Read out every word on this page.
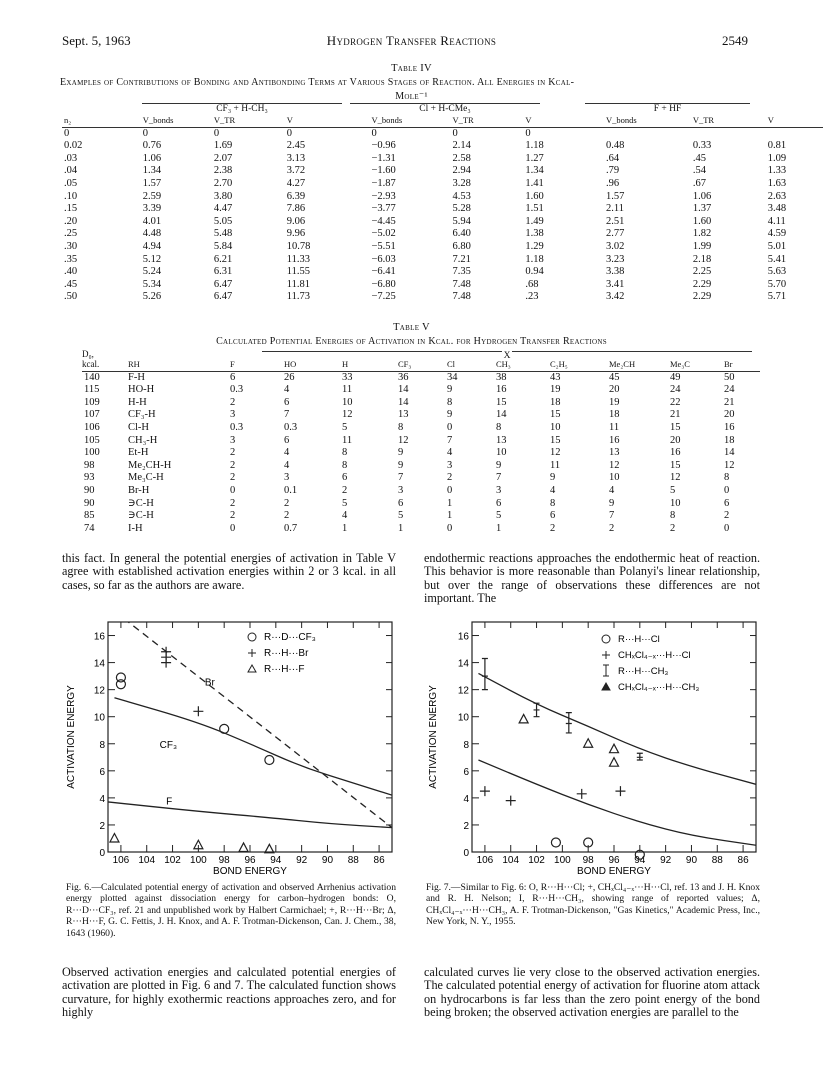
Sept. 5, 1963	Hydrogen Transfer Reactions	2549
Table IV
Examples of Contributions of Bonding and Antibonding Terms at Various Stages of Reaction. All Energies in Kcal-
Mole⁻¹
CF₃ + H-CH₃	Cl + H-CMe₃	F + HF
n₂	V_bonds	V_TR	V	V_bonds	V_TR	V	V_bonds	V_TR	V
0	0	0	0	0	0	0			
0.02	0.76	1.69	2.45	−0.96	2.14	1.18	0.48	0.33	0.81
.03	1.06	2.07	3.13	−1.31	2.58	1.27	.64	.45	1.09
.04	1.34	2.38	3.72	−1.60	2.94	1.34	.79	.54	1.33
.05	1.57	2.70	4.27	−1.87	3.28	1.41	.96	.67	1.63
.10	2.59	3.80	6.39	−2.93	4.53	1.60	1.57	1.06	2.63
.15	3.39	4.47	7.86	−3.77	5.28	1.51	2.11	1.37	3.48
.20	4.01	5.05	9.06	−4.45	5.94	1.49	2.51	1.60	4.11
.25	4.48	5.48	9.96	−5.02	6.40	1.38	2.77	1.82	4.59
.30	4.94	5.84	10.78	−5.51	6.80	1.29	3.02	1.99	5.01
.35	5.12	6.21	11.33	−6.03	7.21	1.18	3.23	2.18	5.41
.40	5.24	6.31	11.55	−6.41	7.35	0.94	3.38	2.25	5.63
.45	5.34	6.47	11.81	−6.80	7.48	.68	3.41	2.29	5.70
.50	5.26	6.47	11.73	−7.25	7.48	.23	3.42	2.29	5.71
Table V
Calculated Potential Energies of Activation in Kcal. for Hydrogen Transfer Reactions
D₀,
kcal.
X
	RH	F	HO	H	CF₃	Cl	CH₃	C₂H₅	Me₂CH	Me₃C	Br
140	F-H	6	26	33	36	34	38	43	45	49	50
115	HO-H	0.3	4	11	14	9	16	19	20	24	24
109	H-H	2	6	10	14	8	15	18	19	22	21
107	CF₃-H	3	7	12	13	9	14	15	18	21	20
106	Cl-H	0.3	0.3	5	8	0	8	10	11	15	16
105	CH₃-H	3	6	11	12	7	13	15	16	20	18
100	Et-H	2	4	8	9	4	10	12	13	16	14
98	Me₂CH-H	2	4	8	9	3	9	11	12	15	12
93	Me₃C-H	2	3	6	7	2	7	9	10	12	8
90	Br-H	0	0.1	2	3	0	3	4	4	5	0
90	∋C-H	2	2	5	6	1	6	8	9	10	6
85	∋C-H	2	2	4	5	1	5	6	7	8	2
74	I-H	0	0.7	1	1	0	1	2	2	2	0
this fact. In general the potential energies of activation in Table V agree with established activation energies within 2 or 3 kcal. in all cases, so far as the authors are aware.
endothermic reactions approaches the endothermic heat of reaction. This behavior is more reasonable than Polanyi's linear relationship, but over the range of observations these differences are not important. The
106 104 102 100 98 96 94 92 90 88 86
0
2
4
6
8
10
12
14
16
BOND ENERGY
ACTIVATION ENERGY
R···D···CF₃
R···H···Br
R···H···F
Br
CF₃
F
Fig. 6.—Calculated potential energy of activation and observed Arrhenius activation energy plotted against dissociation energy for carbon–hydrogen bonds: O, R···D···CF₃, ref. 21 and unpublished work by Halbert Carmichael; +, R···H···Br; Δ, R···H···F, G. C. Fettis, J. H. Knox, and A. F. Trotman-Dickenson, Can. J. Chem., 38, 1643 (1960).
106 104 102 100 98 96 94 92 90 88 86
0
2
4
6
8
10
12
14
16
BOND ENERGY
ACTIVATION ENERGY
R···H···Cl
CHₓCl₄₋ₓ···H···Cl
R···H···CH₃
CHₓCl₄₋ₓ···H···CH₃
Fig. 7.—Similar to Fig. 6: O, R···H···Cl; +, CHₓCl₄₋ₓ···H···Cl, ref. 13 and J. H. Knox and R. H. Nelson; I, R···H···CH₃, showing range of reported values; Δ, CHₓCl₄₋ₓ···H···CH₃, A. F. Trotman-Dickenson, "Gas Kinetics," Academic Press, Inc., New York, N. Y., 1955.
Observed activation energies and calculated potential energies of activation are plotted in Fig. 6 and 7. The calculated function shows curvature, for highly exothermic reactions approaches zero, and for highly
calculated curves lie very close to the observed activation energies. The calculated potential energy of activation for fluorine atom attack on hydrocarbons is far less than the zero point energy of the bond being broken; the observed activation energies are parallel to the
